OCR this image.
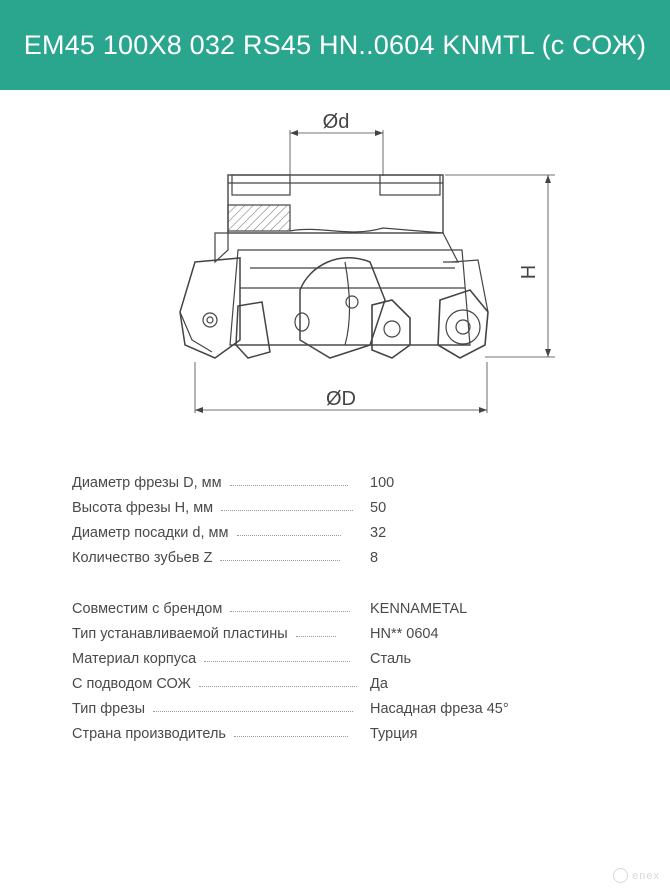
EM45 100X8 032 RS45 HN..0604 KNMTL (с СОЖ)
Ød
ØD
H
Диаметр фрезы D, мм	100
Высота фрезы H, мм	50
Диаметр посадки d, мм	32
Количество зубьев Z	8
Совместим с брендом	KENNAMETAL
Тип устанавливаемой пластины	HN** 0604
Материал корпуса	Сталь
С подводом СОЖ	Да
Тип фрезы	Насадная фреза 45°
Страна производитель	Турция
enex
